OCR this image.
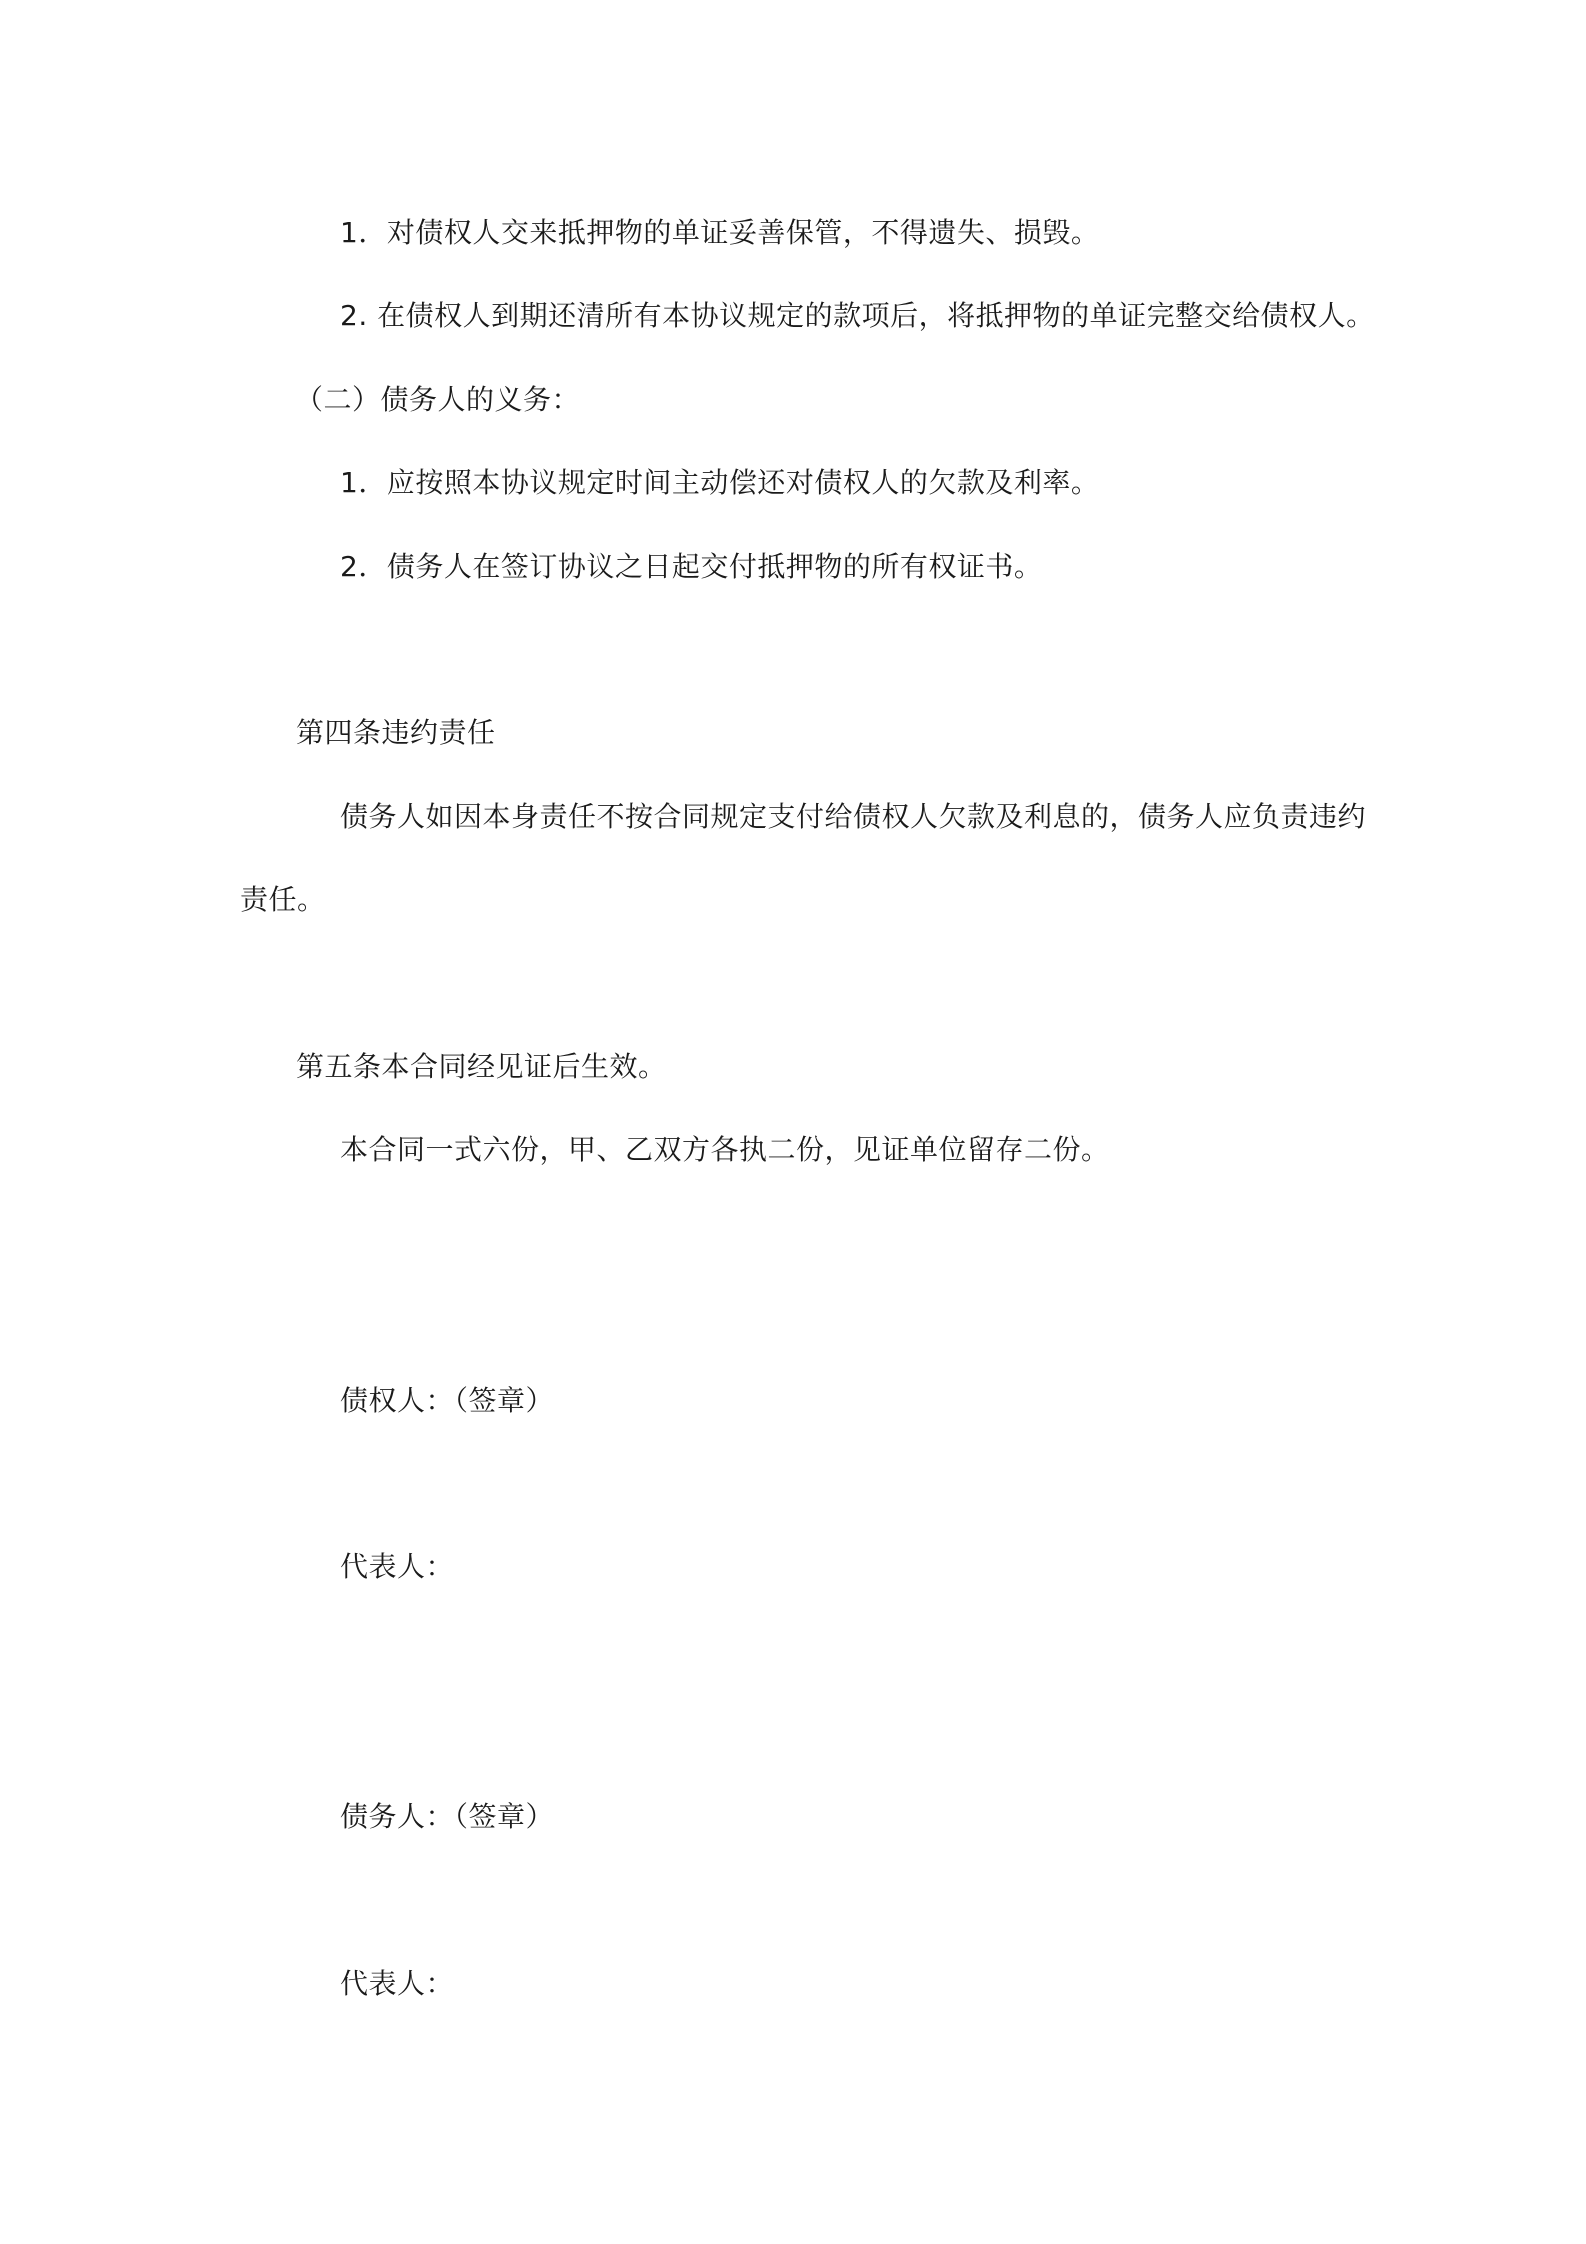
1．对债权人交来抵押物的单证妥善保管，不得遗失、损毁。
2. 在债权人到期还清所有本协议规定的款项后，将抵押物的单证完整交给债权人。
（二）债务人的义务：
1．应按照本协议规定时间主动偿还对债权人的欠款及利率。
2．债务人在签订协议之日起交付抵押物的所有权证书。
第四条违约责任
债务人如因本身责任不按合同规定支付给债权人欠款及利息的，债务人应负责违约
责任。
第五条本合同经见证后生效。
本合同一式六份，甲、乙双方各执二份，见证单位留存二份。
债权人：（签章）
代表人：
债务人：（签章）
代表人：
